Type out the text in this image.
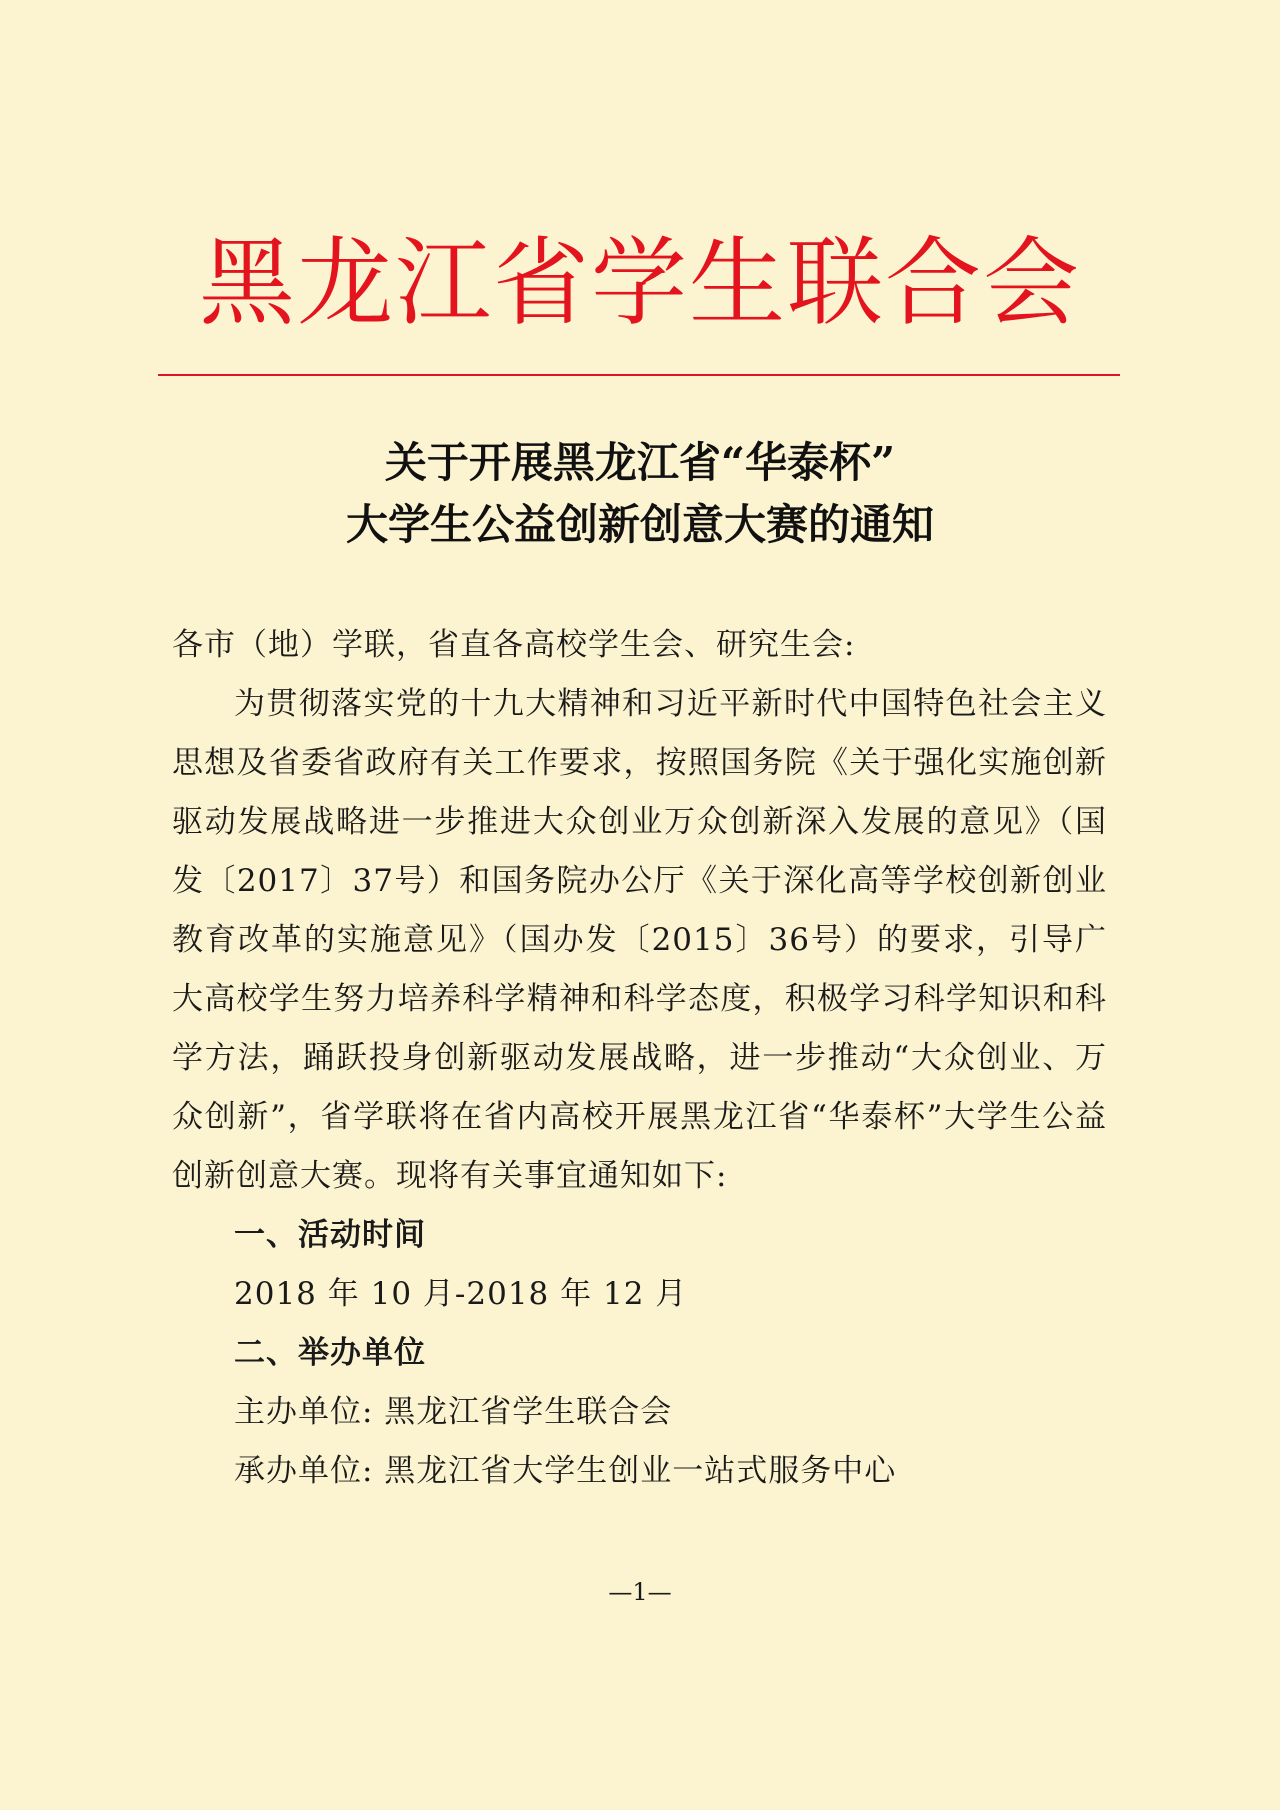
黑龙江省学生联合会
关于开展黑龙江省“华泰杯”
大学生公益创新创意大赛的通知

各市（地）学联，省直各高校学生会、研究生会:

为贯彻落实党的十九大精神和习近平新时代中国特色社会主义思想及省委省政府有关工作要求，按照国务院《关于强化实施创新驱动发展战略进一步推进大众创业万众创新深入发展的意见》（国发〔2017〕37号）和国务院办公厅《关于深化高等学校创新创业教育改革的实施意见》（国办发〔2015〕36号）的要求，引导广大高校学生努力培养科学精神和科学态度，积极学习科学知识和科学方法，踊跃投身创新驱动发展战略，进一步推动“大众创业、万众创新”，省学联将在省内高校开展黑龙江省“华泰杯”大学生公益创新创意大赛。现将有关事宜通知如下:

一、活动时间

2018 年 10 月-2018 年 12 月

二、举办单位

主办单位: 黑龙江省学生联合会

承办单位: 黑龙江省大学生创业一站式服务中心

—1—
